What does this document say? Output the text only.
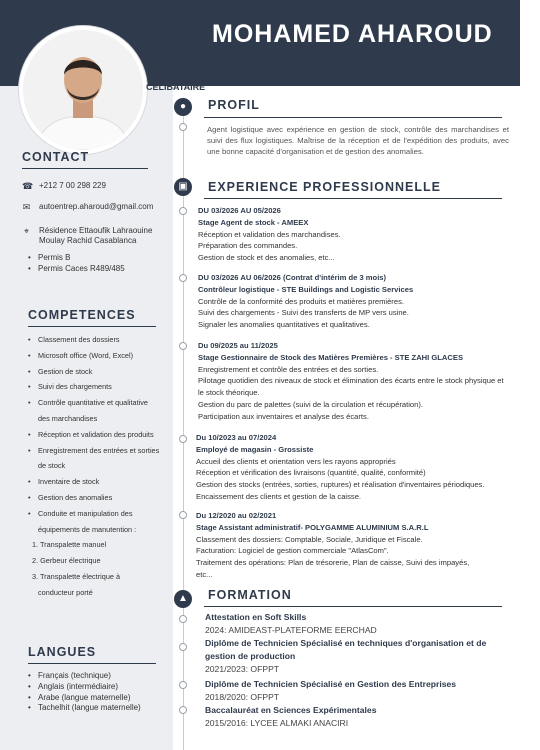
MOHAMED AHAROUD
CÉLIBATAIRE
CONTACT
☎ +212 7 00 298 229
✉ autoentrep.aharoud@gmail.com
⌖ Résidence Ettaoufik Lahraouine
Moulay Rachid Casablanca
• Permis B
• Permis Caces R489/485
COMPETENCES
• Classement des dossiers
• Microsoft office (Word, Excel)
• Gestion de stock
• Suivi des chargements
• Contrôle quantitative et qualitative
des marchandises
• Réception et validation des produits
• Enregistrement des entrées et sorties
de stock
• Inventaire de stock
• Gestion des anomalies
• Conduite et manipulation des
équipements de manutention :
1. Transpalette manuel
2. Gerbeur électrique
3. Transpalette électrique à
conducteur porté
LANGUES
• Français (technique)
• Anglais (intermédiaire)
• Arabe (langue maternelle)
• Tachelhit (langue maternelle)
●
▣
▲
PROFIL
Agent logistique avec expérience en gestion de stock, contrôle des marchandises et suivi des flux logistiques. Maîtrise de la réception et de l'expédition des produits, avec une bonne capacité d'organisation et de gestion des anomalies.
EXPERIENCE PROFESSIONNELLE
DU 03/2026 AU 05/2026
Stage Agent de stock - AMEEX
Réception et validation des marchandises.
Préparation des commandes.
Gestion de stock et des anomalies, etc...
DU 03/2026 AU 06/2026 (Contrat d'intérim de 3 mois)
Contrôleur logistique - STE Buildings and Logistic Services
Contrôle de la conformité des produits et matières premières.
Suivi des chargements - Suivi des transferts de MP vers usine.
Signaler les anomalies quantitatives et qualitatives.
Du 09/2025 au 11/2025
Stage Gestionnaire de Stock des Matières Premières - STE ZAHI GLACES
Enregistrement et contrôle des entrées et des sorties.
Pilotage quotidien des niveaux de stock et élimination des écarts entre le stock physique et le stock théorique.
Gestion du parc de palettes (suivi de la circulation et récupération).
Participation aux inventaires et analyse des écarts.
Du 10/2023 au 07/2024
Employé de magasin - Grossiste
Accueil des clients et orientation vers les rayons appropriés
Réception et vérification des livraisons (quantité, qualité, conformité)
Gestion des stocks (entrées, sorties, ruptures) et réalisation d'inventaires périodiques.
Encaissement des clients et gestion de la caisse.
Du 12/2020 au 02/2021
Stage Assistant administratif- POLYGAMME ALUMINIUM S.A.R.L
Classement des dossiers: Comptable, Sociale, Juridique et Fiscale.
Facturation: Logiciel de gestion commerciale "AtlasCom".
Traitement des opérations: Plan de trésorerie, Plan de caisse, Suivi des impayés, etc...
FORMATION
Attestation en Soft Skills
2024: AMIDEAST-PLATEFORME EERCHAD
Diplôme de Technicien Spécialisé en techniques d'organisation et de gestion de production
2021/2023: OFPPT
Diplôme de Technicien Spécialisé en Gestion des Entreprises
2018/2020: OFPPT
Baccalauréat en Sciences Expérimentales
2015/2016: LYCEE ALMAKI ANACIRI
